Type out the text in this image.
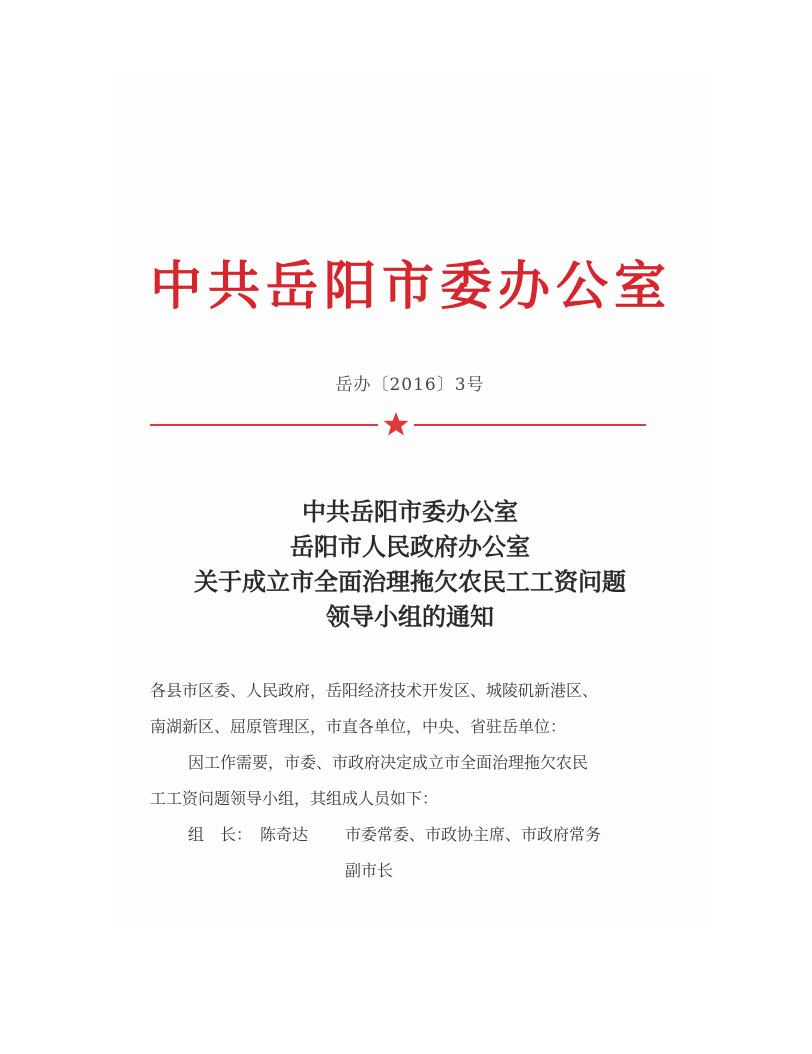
中共岳阳市委办公室
岳办〔2016〕3号
中共岳阳市委办公室
岳阳市人民政府办公室
关于成立市全面治理拖欠农民工工资问题
领导小组的通知
各县市区委、人民政府，岳阳经济技术开发区、城陵矶新港区、
南湖新区、屈原管理区，市直各单位，中央、省驻岳单位：
因工作需要，市委、市政府决定成立市全面治理拖欠农民
工工资问题领导小组，其组成人员如下：
组　长： 陈奇达 市委常委、市政协主席、市政府常务
副市长
